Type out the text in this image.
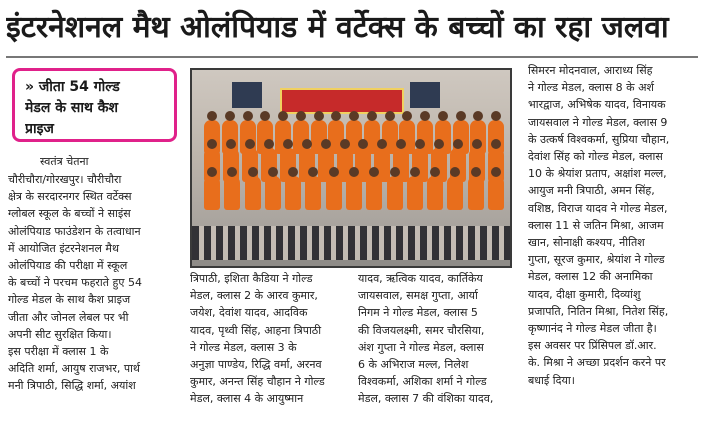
इंटरनेशनल मैथ ओलंपियाड में वर्टेक्स के बच्चों का रहा जलवा
» जीता 54 गोल्ड
मेडल के साथ कैश
प्राइज
स्वतंत्र चेतना
चौरीचौरा/गोरखपुर। चौरीचौरा
क्षेत्र के सरदारनगर स्थित वर्टेक्स
ग्लोबल स्कूल के बच्चों ने साइंस
ओलंपियाड फाउंडेशन के तत्वाधान
में आयोजित इंटरनेशनल मैथ
ओलंपियाड की परीक्षा में स्कूल
के बच्चों ने परचम फहराते हुए 54
गोल्ड मेडल के साथ कैश प्राइज
जीता और जोनल लेबल पर भी
अपनी सीट सुरक्षित किया।
इस परीक्षा में क्लास 1 के
अदिति शर्मा, आयुष राजभर, पार्थ
मनी त्रिपाठी, सिद्धि शर्मा, अयांश
त्रिपाठी, इशिता कैडिया ने गोल्ड
मेडल, क्लास 2 के आरव कुमार,
जयेश, देवांश यादव, आदविक
यादव, पृथ्वी सिंह, आहना त्रिपाठी
ने गोल्ड मेडल, क्लास 3 के
अनुज्ञा पाण्डेय, रिद्धि वर्मा, अरनव
कुमार, अनन्त सिंह चौहान ने गोल्ड
मेडल, क्लास 4 के आयुष्मान
यादव, ऋत्विक यादव, कार्तिकेय
जायसवाल, समक्ष गुप्ता, आर्या
निगम ने गोल्ड मेडल, क्लास 5
की विजयलक्ष्मी, समर चौरसिया,
अंश गुप्ता ने गोल्ड मेडल, क्लास
6 के अभिराज मल्ल, निलेश
विश्वकर्मा, अशिका शर्मा ने गोल्ड
मेडल, क्लास 7 की वंशिका यादव,
सिमरन मोदनवाल, आराध्य सिंह
ने गोल्ड मेडल, क्लास 8 के अर्श
भारद्वाज, अभिषेक यादव, विनायक
जायसवाल ने गोल्ड मेडल, क्लास 9
के उत्कर्ष विश्वकर्मा, सुप्रिया चौहान,
देवांश सिंह को गोल्ड मेडल, क्लास
10 के श्रेयांश प्रताप, अक्षांश मल्ल,
आयुज मनी त्रिपाठी, अमन सिंह,
वशिष्ठ, विराज यादव ने गोल्ड मेडल,
क्लास 11 से जतिन मिश्रा, आजम
खान, सोनाक्षी कश्यप, नीतिश
गुप्ता, सूरज कुमार, श्रेयांश ने गोल्ड
मेडल, क्लास 12 की अनामिका
यादव, दीक्षा कुमारी, दिव्यांशु
प्रजापति, नितिन मिश्रा, नितेश सिंह,
कृष्णानंद ने गोल्ड मेडल जीता है।
इस अवसर पर प्रिंसिपल डॉ.आर.
के. मिश्रा ने अच्छा प्रदर्शन करने पर
बधाई दिया।
